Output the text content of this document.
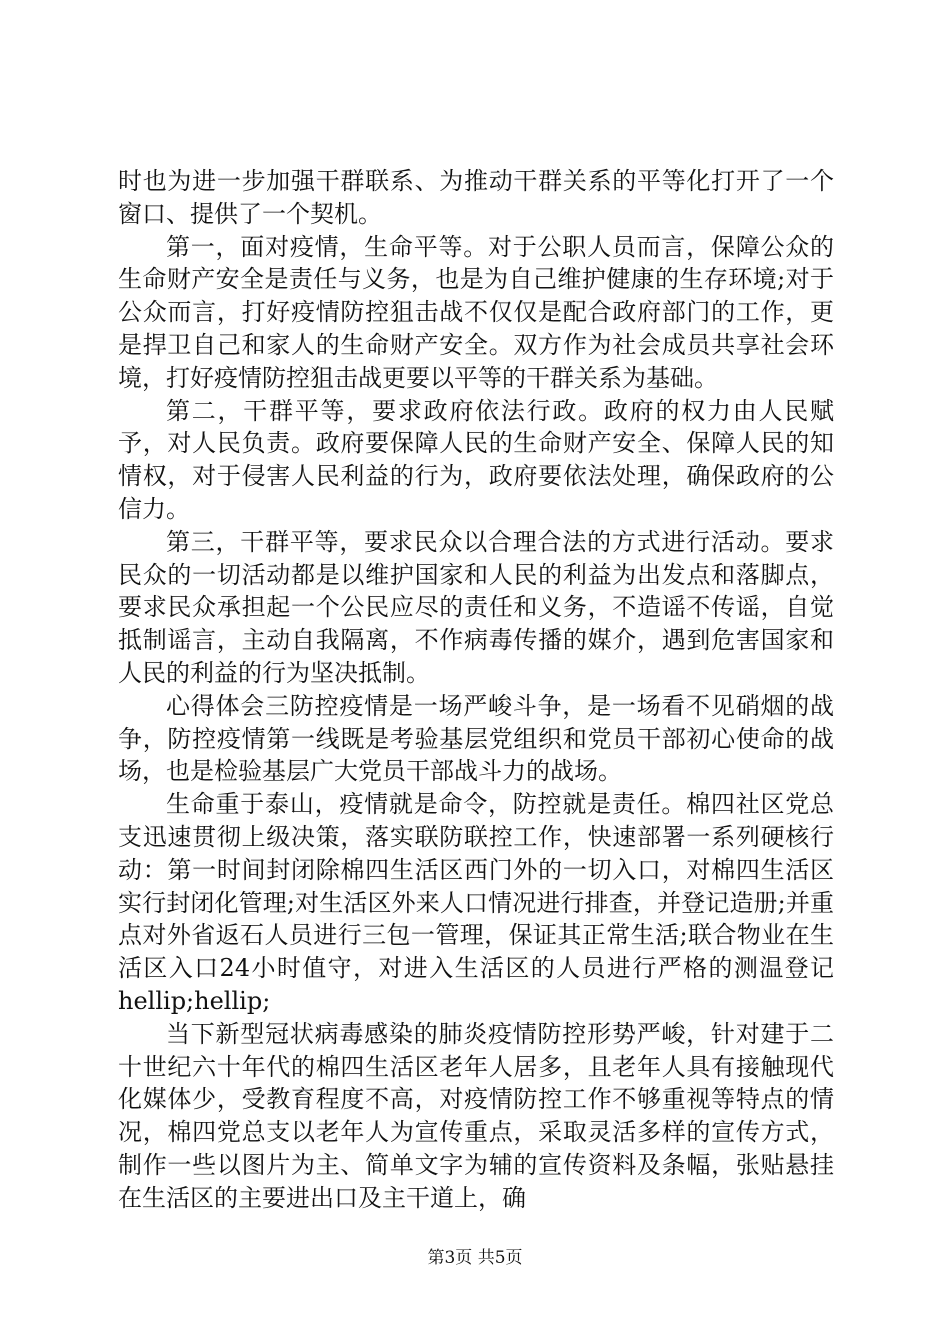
时也为进一步加强干群联系、为推动干群关系的平等化打开了一个窗口、提供了一个契机。

第一，面对疫情，生命平等。对于公职人员而言，保障公众的生命财产安全是责任与义务，也是为自己维护健康的生存环境;对于公众而言，打好疫情防控狙击战不仅仅是配合政府部门的工作，更是捍卫自己和家人的生命财产安全。双方作为社会成员共享社会环境，打好疫情防控狙击战更要以平等的干群关系为基础。

第二，干群平等，要求政府依法行政。政府的权力由人民赋予，对人民负责。政府要保障人民的生命财产安全、保障人民的知情权，对于侵害人民利益的行为，政府要依法处理，确保政府的公信力。

第三，干群平等，要求民众以合理合法的方式进行活动。要求民众的一切活动都是以维护国家和人民的利益为出发点和落脚点，要求民众承担起一个公民应尽的责任和义务，不造谣不传谣，自觉抵制谣言，主动自我隔离，不作病毒传播的媒介，遇到危害国家和人民的利益的行为坚决抵制。

心得体会三防控疫情是一场严峻斗争，是一场看不见硝烟的战争，防控疫情第一线既是考验基层党组织和党员干部初心使命的战场，也是检验基层广大党员干部战斗力的战场。

生命重于泰山，疫情就是命令，防控就是责任。棉四社区党总支迅速贯彻上级决策，落实联防联控工作，快速部署一系列硬核行动：第一时间封闭除棉四生活区西门外的一切入口，对棉四生活区实行封闭化管理;对生活区外来人口情况进行排查，并登记造册;并重点对外省返石人员进行三包一管理，保证其正常生活;联合物业在生活区入口24小时值守，对进入生活区的人员进行严格的测温登记hellip;hellip;

当下新型冠状病毒感染的肺炎疫情防控形势严峻，针对建于二十世纪六十年代的棉四生活区老年人居多，且老年人具有接触现代化媒体少，受教育程度不高，对疫情防控工作不够重视等特点的情况，棉四党总支以老年人为宣传重点，采取灵活多样的宣传方式，制作一些以图片为主、简单文字为辅的宣传资料及条幅，张贴悬挂在生活区的主要进出口及主干道上，确

第3页 共5页
